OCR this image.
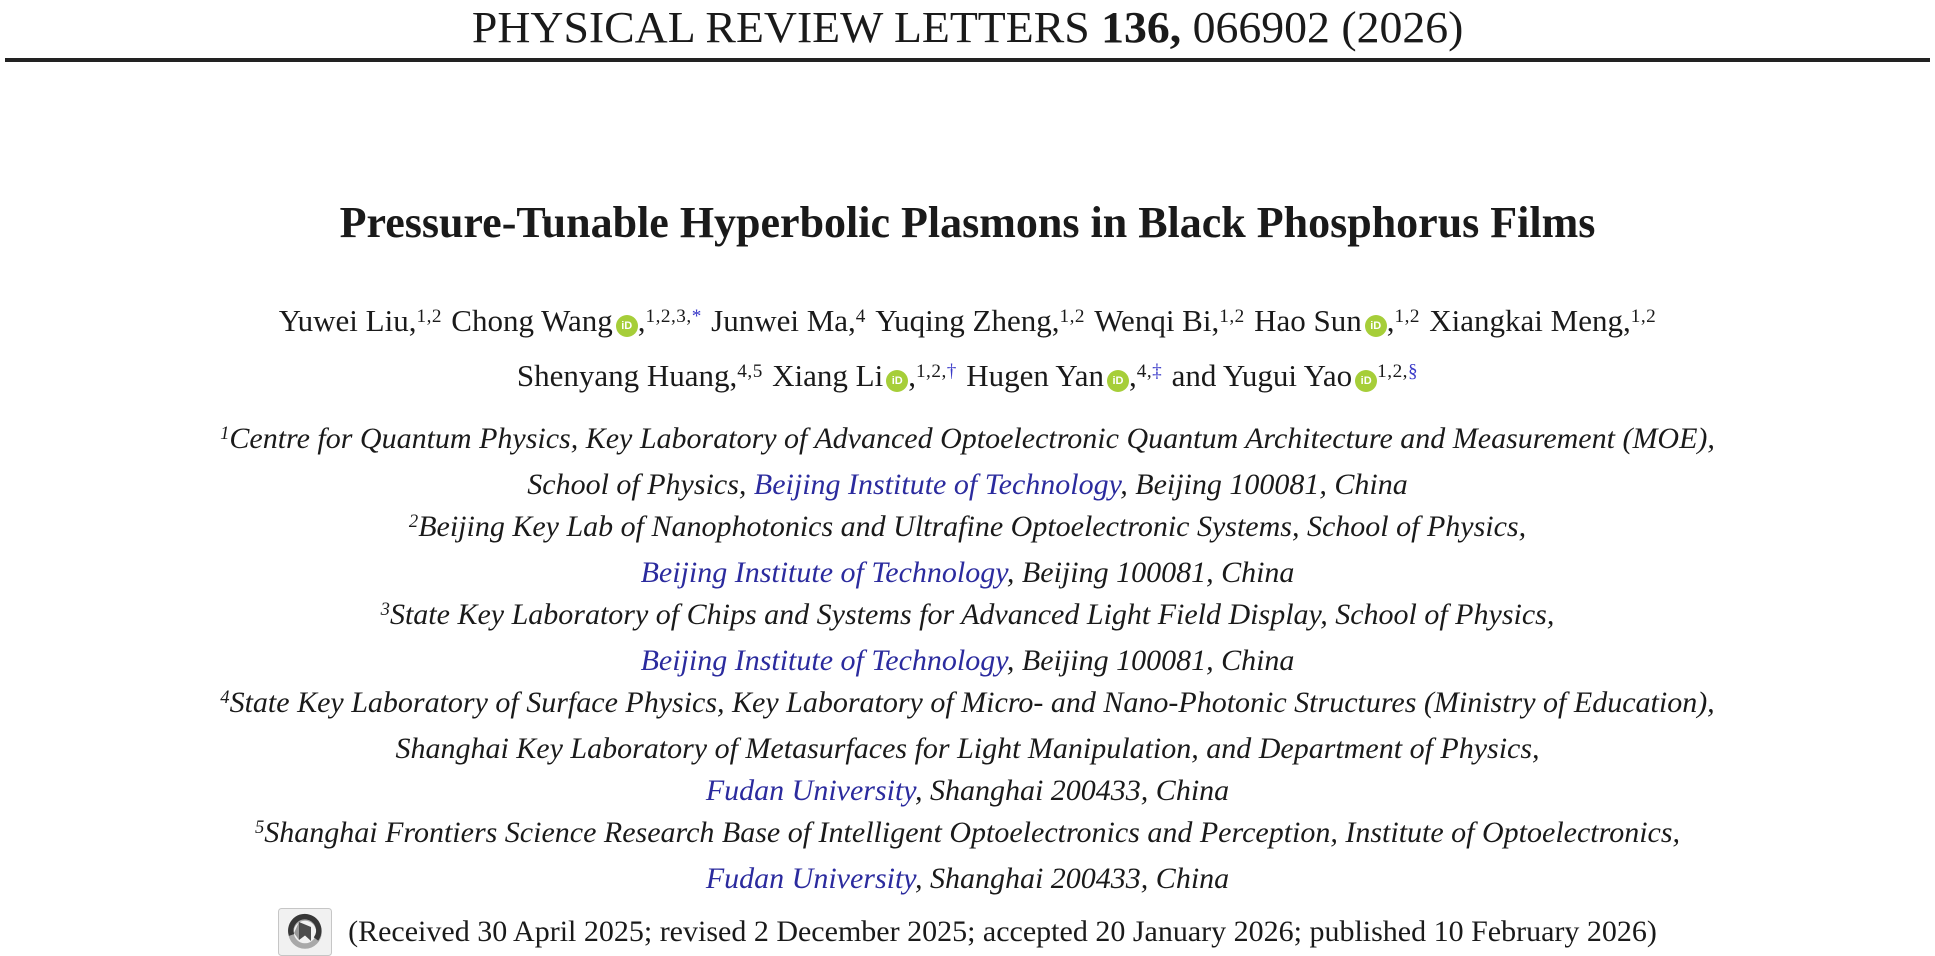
PHYSICAL REVIEW LETTERS 136, 066902 (2026)
Pressure-Tunable Hyperbolic Plasmons in Black Phosphorus Films
Yuwei Liu,$^{1,2}$ Chong Wang iD ,$^{1,2,3,*}$ Junwei Ma,$^4$ Yuqing Zheng,$^{1,2}$ Wenqi Bi,$^{1,2}$ Hao Sun iD ,$^{1,2}$ Xiangkai Meng,$^{1,2}$
Shenyang Huang,$^{4,5}$ Xiang Li iD ,$^{1,2,\dagger}$ Hugen Yan iD ,$^{4,\ddagger}$ and Yugui Yao iD $^{1,2,\S}$
$^1$Centre for Quantum Physics, Key Laboratory of Advanced Optoelectronic Quantum Architecture and Measurement (MOE),
School of Physics, Beijing Institute of Technology, Beijing 100081, China
$^2$Beijing Key Lab of Nanophotonics and Ultrafine Optoelectronic Systems, School of Physics,
Beijing Institute of Technology, Beijing 100081, China
$^3$State Key Laboratory of Chips and Systems for Advanced Light Field Display, School of Physics,
Beijing Institute of Technology, Beijing 100081, China
$^4$State Key Laboratory of Surface Physics, Key Laboratory of Micro- and Nano-Photonic Structures (Ministry of Education),
Shanghai Key Laboratory of Metasurfaces for Light Manipulation, and Department of Physics,
Fudan University, Shanghai 200433, China
$^5$Shanghai Frontiers Science Research Base of Intelligent Optoelectronics and Perception, Institute of Optoelectronics,
Fudan University, Shanghai 200433, China
(Received 30 April 2025; revised 2 December 2025; accepted 20 January 2026; published 10 February 2026)
